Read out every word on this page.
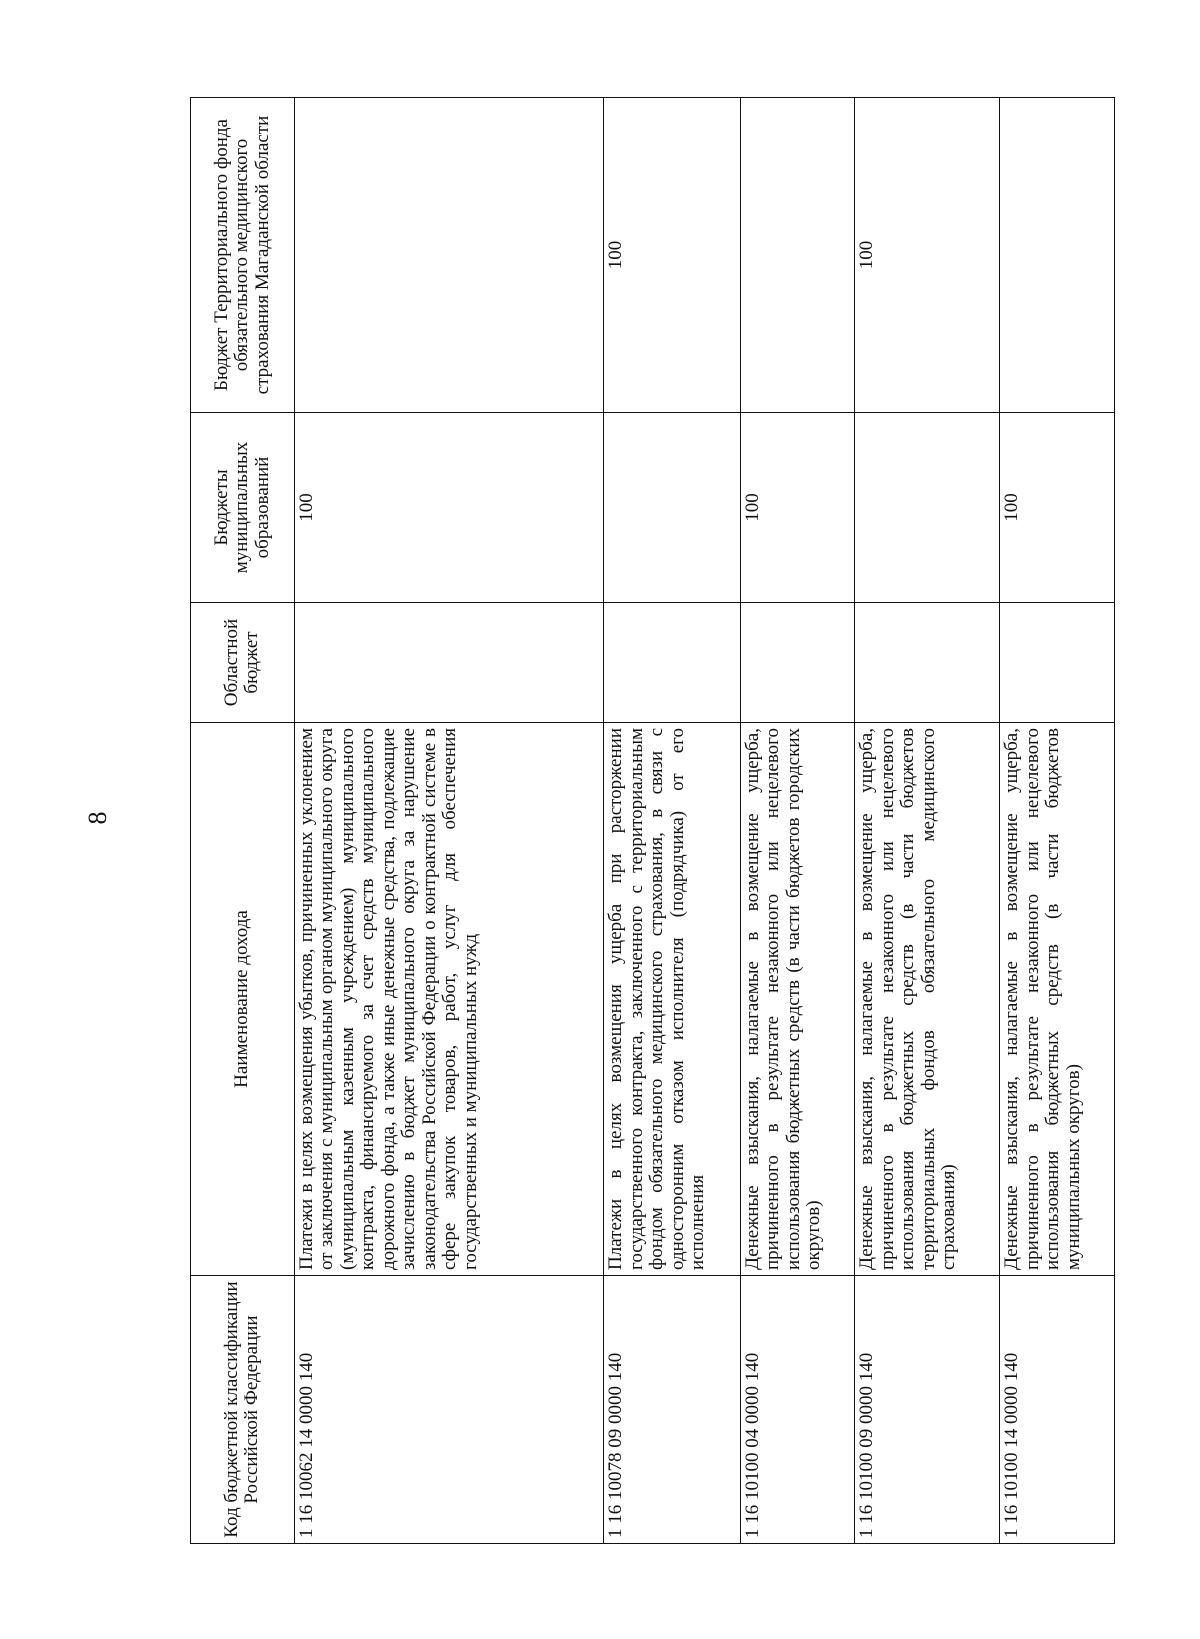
8
Код бюджетной классификации Российской Федерации	Наименование дохода	Областной бюджет	Бюджеты муниципальных образований	Бюджет Территориального фонда обязательного медицинского страхования Магаданской области
1 16 10062 14 0000 140	Платежи в целях возмещения убытков, причиненных уклонением от заключения с муниципальным органом муниципального округа (муниципальным казенным учреждением) муниципального контракта, финансируемого за счет средств муниципального дорожного фонда, а также иные денежные средства, подлежащие зачислению в бюджет муниципального округа за нарушение законодательства Российской Федерации о контрактной системе в сфере закупок товаров, работ, услуг для обеспечения государственных и муниципальных нужд		100	
1 16 10078 09 0000 140	Платежи в целях возмещения ущерба при расторжении государственного контракта, заключенного с территориальным фондом обязательного медицинского страхования, в связи с односторонним отказом исполнителя (подрядчика) от его исполнения			100
1 16 10100 04 0000 140	Денежные взыскания, налагаемые в возмещение ущерба, причиненного в результате незаконного или нецелевого использования бюджетных средств (в части бюджетов городских округов)		100	
1 16 10100 09 0000 140	Денежные взыскания, налагаемые в возмещение ущерба, причиненного в результате незаконного или нецелевого использования бюджетных средств (в части бюджетов территориальных фондов обязательного медицинского страхования)			100
1 16 10100 14 0000 140	Денежные взыскания, налагаемые в возмещение ущерба, причиненного в результате незаконного или нецелевого использования бюджетных средств (в части бюджетов муниципальных округов)		100	
